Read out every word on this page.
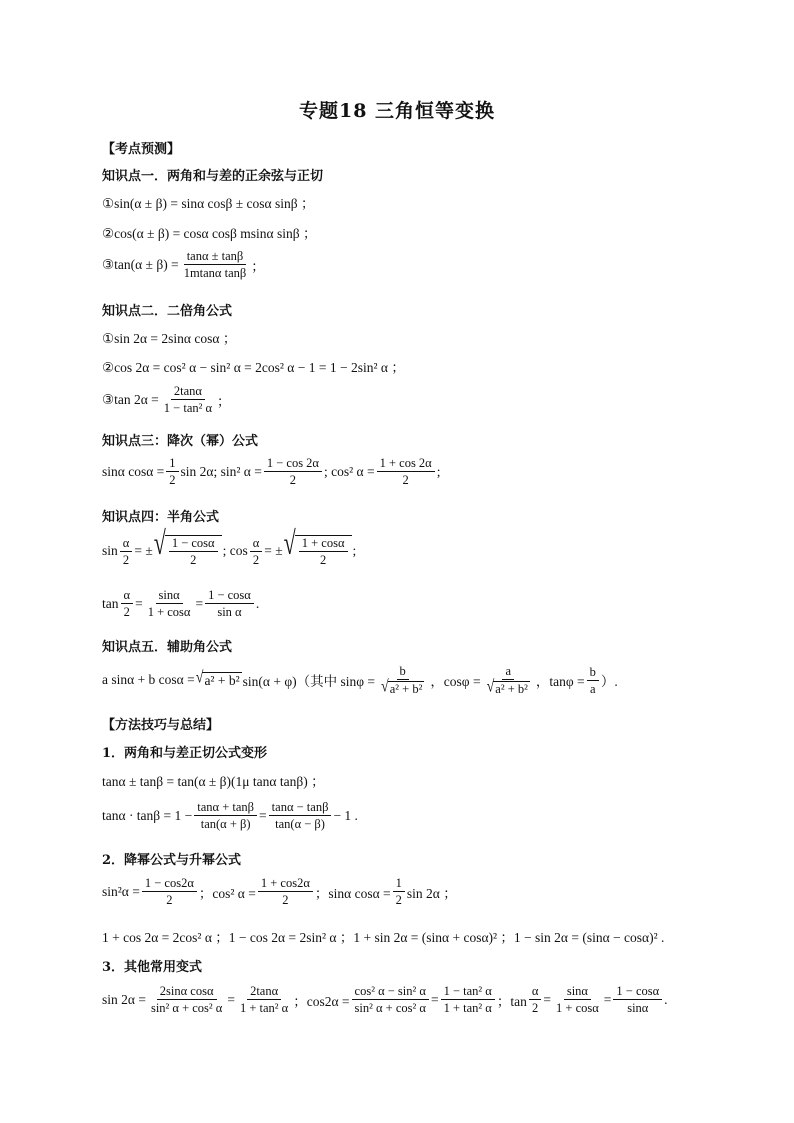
专题18 三角恒等变换
【考点预测】
知识点一．两角和与差的正余弦与正切
①sin(α ± β) = sinα cosβ ± cosα sinβ ；
②cos(α ± β) = cosα cosβ msinα sinβ ；
③tan(α ± $\beta) = \frac{\tan\alpha \pm \tan\beta}{\text{1mtanα tanβ}}$ ；
知识点二．二倍角公式
①sin 2α = 2sinα cosα ；
②cos 2α = cos² α − sin² α = 2cos² α − 1 = 1 − 2sin² α ；
③tan $2\alpha = \frac{2\tan\alpha}{\text{1 − tan² α}}$ ；
知识点三：降次（幂）公式
sinα $\cos\alpha = \frac{1}{2}$ sin 2α; sin² $\alpha = \frac{1 - \cos 2\alpha}{2}$ ; cos² $\alpha = \frac{1 + \cos 2\alpha}{2}$ ;
知识点四：半角公式
$\sin \frac{\alpha}{2}$ = ± √ $\frac{1 - \cos\alpha}{2}$ ; $\cos \frac{\alpha}{2}$ = ± √ $\frac{1 + \cos\alpha}{2}$ ;
$\tan \frac{\alpha}{2} = \frac{\sin\alpha}{1 + \cos\alpha} = \frac{1 - \cos\alpha}{\text{sin α}}$ .
知识点五．辅助角公式
a sinα + b cosα = √ a² + b² sin(α + φ)（其中 $\sin\varphi = \frac{b}{\text{√ a² + b²}}$ ，$\cos\varphi = \frac{a}{\text{√ a² + b²}}$ ，$\tan\varphi = \frac{b}{a}$ ）.
【方法技巧与总结】
1．两角和与差正切公式变形
tanα ± tanβ = tan(α ± β)(1μ tanα tanβ) ；
$\tan\alpha \cdot \tan\beta = 1 - \frac{\tan\alpha + \tan\beta}{\tan(\alpha + \beta)} = \frac{\tan\alpha - \tan\beta}{\tan(\alpha - \beta)} - 1$ .
2．降幂公式与升幂公式
$\sin^2\alpha = \frac{1 - \cos 2\alpha}{2}$ ；cos² $\alpha = \frac{1 + \cos 2\alpha}{2}$ ；sinα $\cos\alpha = \frac{1}{2}$ sin 2α ；
1 + cos 2α = 2cos² α ；1 − cos 2α = 2sin² α ；1 + sin 2α = (sinα + cosα)² ；1 − sin 2α = (sinα − cosα)² .
3．其他常用变式
$\sin 2\alpha = \frac{\text{2sinα cosα}}{\text{sin² α + cos² α}} = \frac{2\tan\alpha}{\text{1 + tan² α}}$ ；$\cos 2\alpha = \frac{\text{cos² α − sin² α}}{\text{sin² α + cos² α}} = \frac{\text{1 − tan² α}}{\text{1 + tan² α}}$ ；$\tan \frac{\alpha}{2} = \frac{\sin\alpha}{1 + \cos\alpha} = \frac{1 - \cos\alpha}{\sin\alpha}$ .
